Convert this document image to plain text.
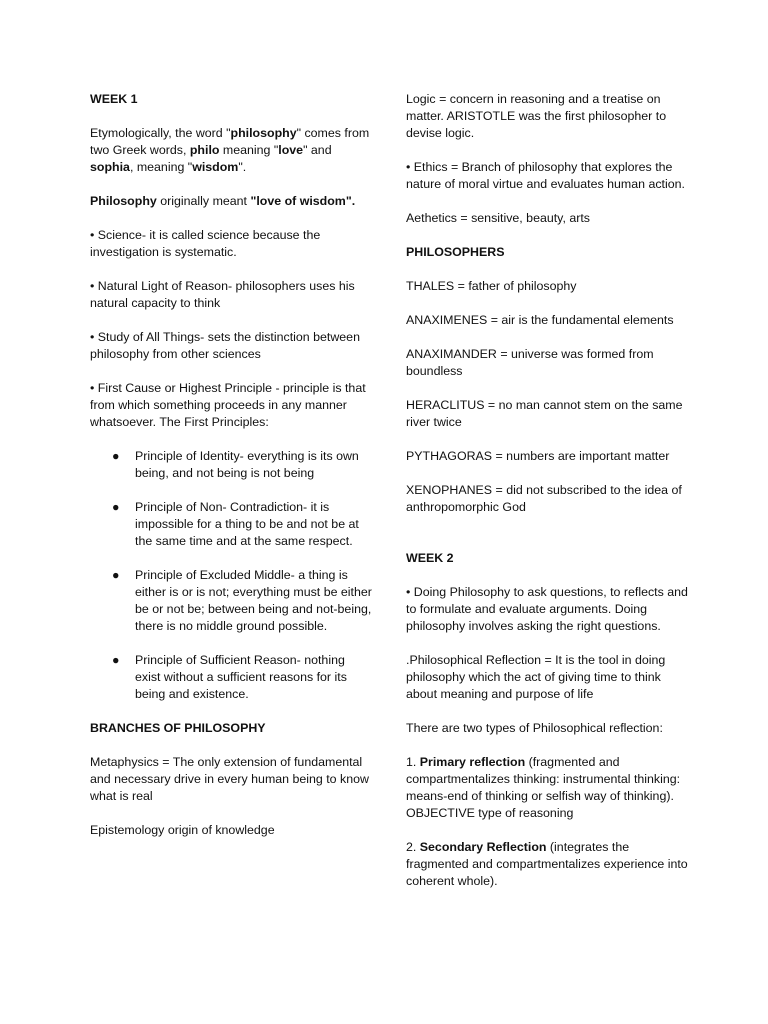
WEEK 1

Etymologically, the word "philosophy" comes from two Greek words, philo meaning "love" and sophia, meaning "wisdom".

Philosophy originally meant "love of wisdom".

• Science- it is called science because the investigation is systematic.

• Natural Light of Reason- philosophers uses his natural capacity to think

• Study of All Things- sets the distinction between philosophy from other sciences

• First Cause or Highest Principle - principle is that from which something proceeds in any manner whatsoever. The First Principles:

● Principle of Identity- everything is its own being, and not being is not being
● Principle of Non- Contradiction- it is impossible for a thing to be and not be at the same time and at the same respect.
● Principle of Excluded Middle- a thing is either is or is not; everything must be either be or not be; between being and not-being, there is no middle ground possible.
● Principle of Sufficient Reason- nothing exist without a sufficient reasons for its being and existence.
BRANCHES OF PHILOSOPHY

Metaphysics = The only extension of fundamental and necessary drive in every human being to know what is real

Epistemology origin of knowledge

Logic = concern in reasoning and a treatise on matter. ARISTOTLE was the first philosopher to devise logic.

• Ethics = Branch of philosophy that explores the nature of moral virtue and evaluates human action.

Aethetics = sensitive, beauty, arts

PHILOSOPHERS

THALES = father of philosophy

ANAXIMENES = air is the fundamental elements

ANAXIMANDER = universe was formed from boundless

HERACLITUS = no man cannot stem on the same river twice

PYTHAGORAS = numbers are important matter

XENOPHANES = did not subscribed to the idea of anthropomorphic God

WEEK 2

• Doing Philosophy to ask questions, to reflects and to formulate and evaluate arguments. Doing philosophy involves asking the right questions.

.Philosophical Reflection = It is the tool in doing philosophy which the act of giving time to think about meaning and purpose of life

There are two types of Philosophical reflection:

1. Primary reflection (fragmented and compartmentalizes thinking: instrumental thinking: means-end of thinking or selfish way of thinking). OBJECTIVE type of reasoning

2. Secondary Reflection (integrates the fragmented and compartmentalizes experience into coherent whole).
